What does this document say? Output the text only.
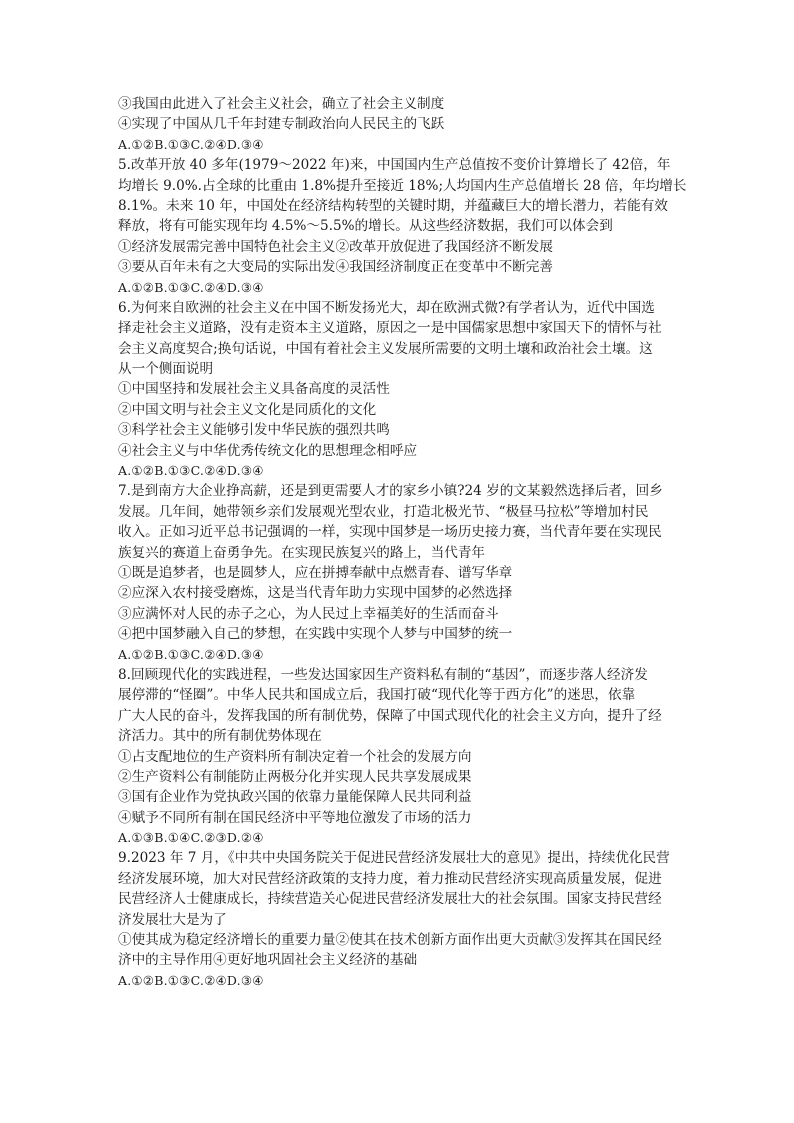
③我国由此进入了社会主义社会，确立了社会主义制度
④实现了中国从几千年封建专制政治向人民民主的飞跃
A.①②B.①③C.②④D.③④
5.改革开放 40 多年(1979～2022 年)来，中国国内生产总值按不变价计算增长了 42倍，年
均增长 9.0%.占全球的比重由 1.8%提升至接近 18%;人均国内生产总值增长 28 倍，年均增长
8.1%。未来 10 年，中国处在经济结构转型的关键时期，并蕴藏巨大的增长潜力，若能有效
释放，将有可能实现年均 4.5%～5.5%的增长。从这些经济数据，我们可以体会到
①经济发展需完善中国特色社会主义②改革开放促进了我国经济不断发展
③要从百年未有之大变局的实际出发④我国经济制度正在变革中不断完善
A.①②B.①③C.②④D.③④
6.为何来自欧洲的社会主义在中国不断发扬光大，却在欧洲式微?有学者认为，近代中国选
择走社会主义道路，没有走资本主义道路，原因之一是中国儒家思想中家国天下的情怀与社
会主义高度契合;换句话说，中国有着社会主义发展所需要的文明土壤和政治社会土壤。这
从一个侧面说明
①中国坚持和发展社会主义具备高度的灵活性
②中国文明与社会主义文化是同质化的文化
③科学社会主义能够引发中华民族的强烈共鸣
④社会主义与中华优秀传统文化的思想理念相呼应
A.①②B.①③C.②④D.③④
7.是到南方大企业挣高薪，还是到更需要人才的家乡小镇?24 岁的文某毅然选择后者，回乡
发展。几年间，她带领乡亲们发展观光型农业，打造北极光节、“极昼马拉松”等增加村民
收入。正如习近平总书记强调的一样，实现中国梦是一场历史接力赛，当代青年要在实现民
族复兴的赛道上奋勇争先。在实现民族复兴的路上，当代青年
①既是追梦者，也是圆梦人，应在拼搏奉献中点燃青春、谱写华章
②应深入农村接受磨炼，这是当代青年助力实现中国梦的必然选择
③应满怀对人民的赤子之心，为人民过上幸福美好的生活而奋斗
④把中国梦融入自己的梦想，在实践中实现个人梦与中国梦的统一
A.①②B.①③C.②④D.③④
8.回顾现代化的实践进程，一些发达国家因生产资料私有制的“基因”，而逐步落人经济发
展停滞的“怪圈”。中华人民共和国成立后，我国打破“现代化等于西方化”的迷思，依靠
广大人民的奋斗，发挥我国的所有制优势，保障了中国式现代化的社会主义方向，提升了经
济活力。其中的所有制优势体现在
①占支配地位的生产资料所有制决定着一个社会的发展方向
②生产资料公有制能防止两极分化并实现人民共享发展成果
③国有企业作为党执政兴国的依靠力量能保障人民共同利益
④赋予不同所有制在国民经济中平等地位激发了市场的活力
A.①③B.①④C.②③D.②④
9.2023 年 7 月，《中共中央国务院关于促进民营经济发展壮大的意见》提出，持续优化民营
经济发展环境，加大对民营经济政策的支持力度，着力推动民营经济实现高质量发展，促进
民营经济人士健康成长，持续营造关心促进民营经济发展壮大的社会氛围。国家支持民营经
济发展壮大是为了
①使其成为稳定经济增长的重要力量②使其在技术创新方面作出更大贡献③发挥其在国民经
济中的主导作用④更好地巩固社会主义经济的基础
A.①②B.①③C.②④D.③④
